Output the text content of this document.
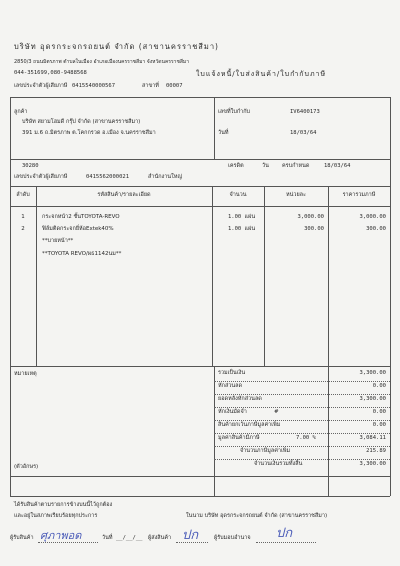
บริษัท อุดรกระจกรถยนต์ จำกัด (สาขานครราชสีมา)
2850/3 ถนนมิตรภาพ ตำบลในเมือง อำเภอเมืองนครราชสีมา จังหวัดนครราชสีมา
044-351699,080-9488568	ใบแจ้งหนี้/ใบส่งสินค้า/ใบกำกับภาษี
เลขประจำตัวผู้เสียภาษี 0415540000567	สาขาที่ 00007
ลูกค้า
บริษัท สยามโฮมดี กรุ๊ป จำกัด (สาขานครราชสีมา)
391 ม.6 ถ.มิตรภาพ ต.โคกกรวด อ.เมือง จ.นครราชสีมา
เลขที่ใบกำกับ	IV6400173
วันที่	18/03/64
30280	เครดิต	วัน ครบกำหนด	18/03/64
เลขประจำตัวผู้เสียภาษี	0415562000021	สำนักงานใหญ่
ลำดับ	รหัสสินค้า/รายละเอียด	จำนวน	หน่วยละ	ราคารวมภาษี
1	กระจกหน้า2 ชั้นTOYOTA-REVO	1.00 แผ่น	3,000.00	3,000.00
2	ฟิล์มติดกระจกยี่ห้อExtek40%	1.00 แผ่น	300.00	300.00
**บายหน้า**
**TOYOTA REVO/ผธ1142นม**
หมายเหตุ	รวมเป็นเงิน	3,300.00
หักส่วนลด	0.00
ยอดหลังหักส่วนลด	3,300.00
หักเงินมัดจำ	#	0.00
สินค้ายกเว้นภาษีมูลค่าเพิ่ม	0.00
มูลค่าสินค้ามีภาษี	7.00 %	3,084.11
จำนวนภาษีมูลค่าเพิ่ม	215.89
(ตัวอักษร)	จำนวนเงินรวมทั้งสิ้น	3,300.00
ได้รับสินค้าตามรายการข้างบนนี้ไว้ถูกต้อง
และอยู่ในสภาพเรียบร้อยทุกประการ	ในนาม บริษัท อุดรกระจกรถยนต์ จำกัด (สาขานครราชสีมา)
ผู้รับสินค้า ศุภาพอด	วันที่ __/__/__ ผู้ส่งสินค้า ปก	ผู้รับมอบอำนาจ ปก
